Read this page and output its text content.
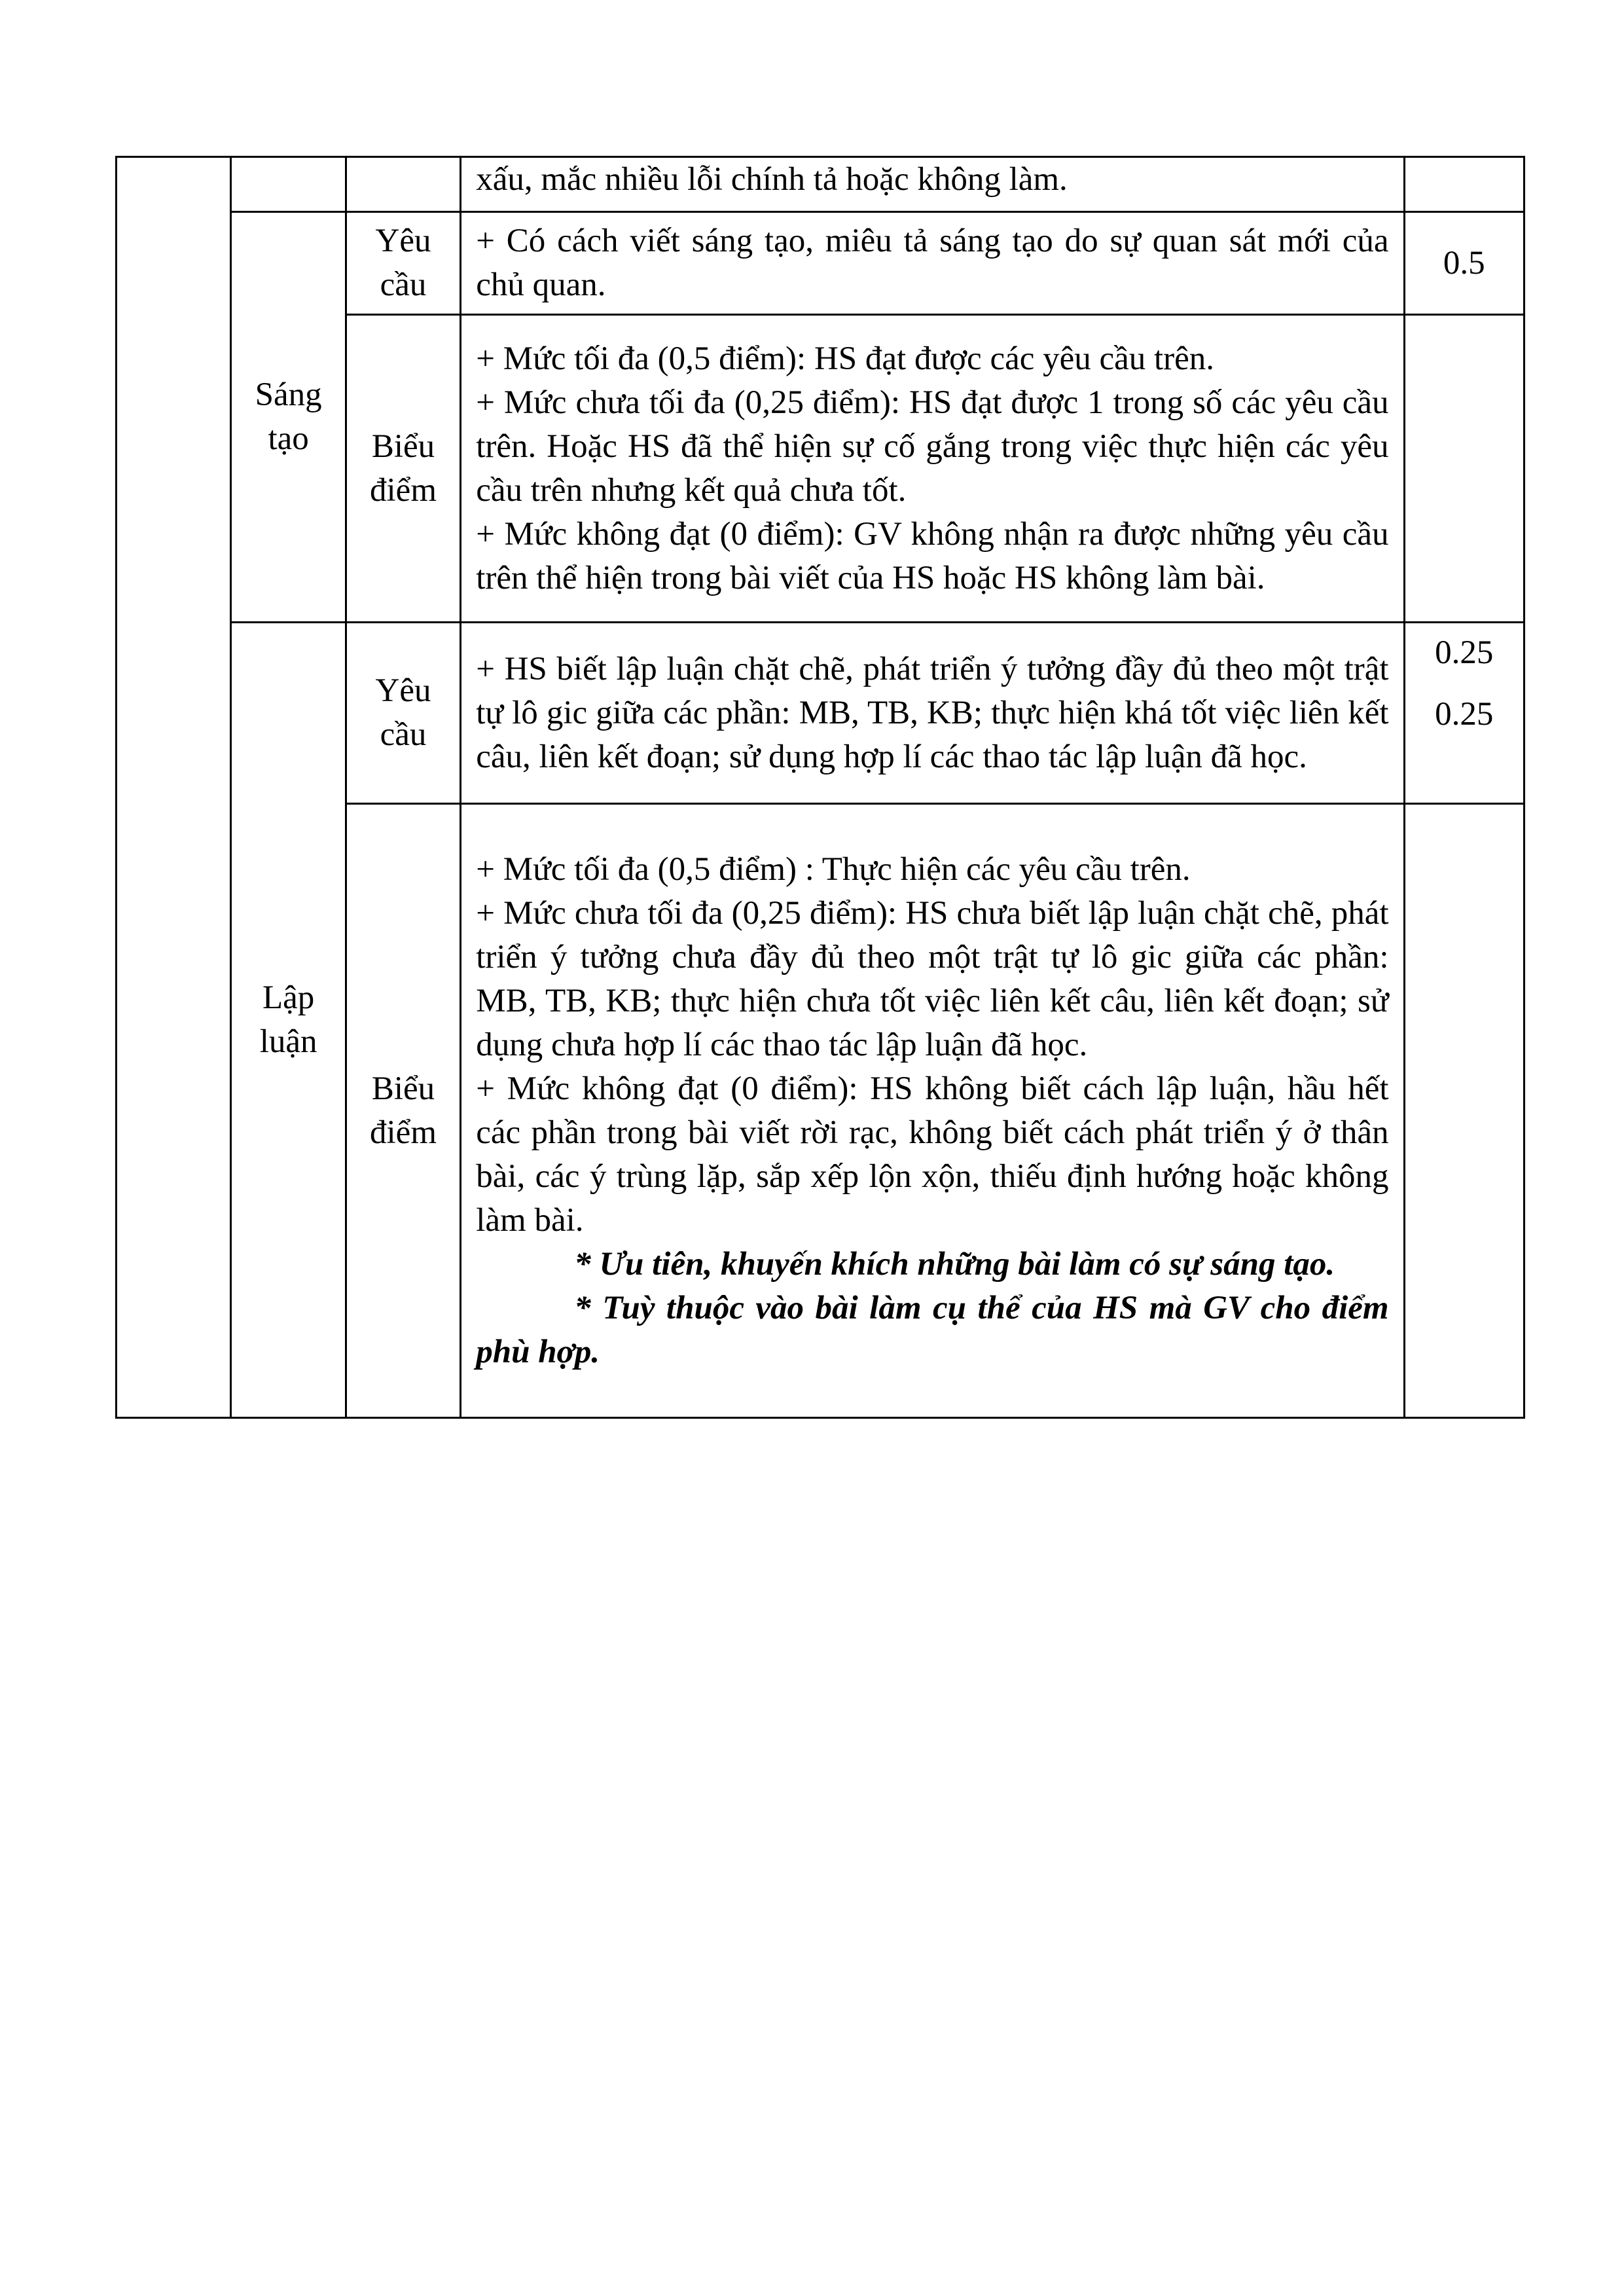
			xấu, mắc nhiều lỗi chính tả hoặc không làm.	

	Sáng
tạo	Yêu
cầu	+ Có cách viết sáng tạo, miêu tả sáng tạo do sự quan sát mới của chủ quan.	0.5

		Biểu
điểm	+ Mức tối đa (0,5 điểm): HS đạt được các yêu cầu trên.
+ Mức chưa tối đa (0,25 điểm): HS đạt được 1 trong số các yêu cầu trên. Hoặc HS đã thể hiện sự cố gắng trong việc thực hiện các yêu cầu trên nhưng kết quả chưa tốt.
+ Mức không đạt (0 điểm): GV không nhận ra được những yêu cầu trên thể hiện trong bài viết của HS hoặc HS không làm bài.	

	Lập
luận	Yêu
cầu	+ HS biết lập luận chặt chẽ, phát triển ý tưởng đầy đủ theo một trật tự lô gic giữa các phần: MB, TB, KB; thực hiện khá tốt việc liên kết câu, liên kết đoạn; sử dụng hợp lí các thao tác lập luận đã học.	0.25
0.25

		Biểu
điểm	+ Mức tối đa (0,5 điểm) : Thực hiện các yêu cầu trên.
+ Mức chưa tối đa (0,25 điểm): HS chưa biết lập luận chặt chẽ, phát triển ý tưởng chưa đầy đủ theo một trật tự lô gic giữa các phần: MB, TB, KB; thực hiện chưa tốt việc liên kết câu, liên kết đoạn; sử dụng chưa hợp lí các thao tác lập luận đã học.
+ Mức không đạt (0 điểm): HS không biết cách lập luận, hầu hết các phần trong bài viết rời rạc, không biết cách phát triển ý ở thân bài, các ý trùng lặp, sắp xếp lộn xộn, thiếu định hướng hoặc không làm bài.
* Ưu tiên, khuyến khích những bài làm có sự sáng tạo.
* Tuỳ thuộc vào bài làm cụ thể của HS mà GV cho điểm phù hợp.	
